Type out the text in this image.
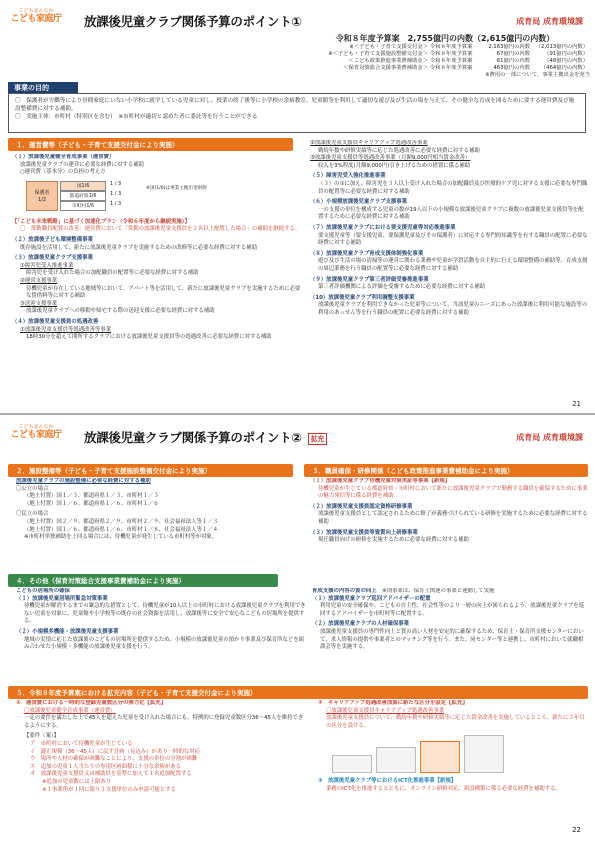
こどもまんなか
こども家庭庁 放課後児童クラブ関係予算のポイント①	成育局 成育環境課
令和８年度予算案　2,755億円の内数（2,615億円の内数）
※＜子ども・子育て支援交付金＞ 令和８年度予算案	2,163億円の内数	（2,013億円の内数）
※＜子ども・子育て支援施設整備交付金＞ 令和８年度予算案	67億円の内数	（91億円の内数）
＜こども政策推進事業費補助金＞ 令和８年度予算案	61億円の内数	（48億円の内数）
＜保育対策総合支援事業費補助金＞ 令和８年度予算案	463億円の内数	（464億円の内数）
※費用の一部について、事業主拠出金を充当
事業の目的
〇　保護者が労働等により昼間家庭にいない小学校に就学している児童に対し、授業の終了後等に小学校の余裕教室、児童館等を利用して適切な遊び及び生活の場を与えて、その健全な育成を図るために要する運営費及び施設整備費に対する補助。
〇　実施主体：市町村（特別区を含む）　※市町村が適切と認めた者に委託等を行うことができる
１．運営費等（子ども・子育て支援交付金により実施）
（１）放課後児童健全育成事業（運営費）
放課後児童クラブの運営に必要な経費に対する補助
○運営費（基本分）の負担の考え方
保護者
1/2
国1/6
都道府県1/6
市町村1/6
1 / 3
1 / 3
1 / 3
※国(1/6)は事業主拠出金財源
【「こども未来戦略」に基づく加速化プラン（令和６年度から継続実施）】
〇　常勤職員配置の改善：運営費において「常勤の放課後児童支援員を２名以上配置した場合」の補助を継続する。
（２）放課後子ども環境整備事業
既存施設を活用して、新たに放課後児童クラブを実施するための改修等に必要な経費に対する補助
（３）放課後児童クラブ支援事業
①障害児受入推進事業
障害児を受け入れた場合の加配職員の配置等に必要な経費に対する補助
②運営支援事業
待機児童が存在している地域等において、アパート等を活用して、新たに放課後児童クラブを実施するために必要な賃借料等に対する補助
③送迎支援事業
放課後児童クラブへの移動や帰宅する際の送迎支援に必要な経費に対する補助
（４）放課後児童支援員の処遇改善
①放課後児童支援員等処遇改善等事業
18時30分を超えて開所するクラブにおける放課後児童支援員等の処遇改善に必要な経費に対する補助
②放課後児童支援員キャリアアップ処遇改善事業
勤続年数や研修実績等に応じた処遇改善に必要な経費に対する補助
③放課後児童支援員等処遇改善事業（月額9,000円相当賃金改善）
収入を3%程度(月額9,000円)引き上げるための措置に係る補助
（５）障害児受入強化推進事業
（３）の①に加え、障害児を３人以上受け入れた場合の加配職員及び医療的ケア児に対する支援に必要な専門職員の配置等に必要な経費に対する補助
（６）小規模放課後児童クラブ支援事業
一の支援の単位を構成する児童の数が19人以下の小規模な放課後児童クラブに複数の放課後児童支援員等を配置するために必要な経費に対する補助
（７）放課後児童クラブにおける要支援児童等対応推進事業
要支援児童等（要支援児童、要保護児童及びその保護者）に対応する専門的知識等を有する職員の配置に必要な経費に対する補助
（８）放課後児童クラブ育成支援体制強化事業
遊び及び生活の場の清掃等の運営に関わる業務や児童が学習活動を自主的に行える環境整備の補助等、育成支援の周辺業務を行う職員の配置等に必要な経費に対する補助
（９）放課後児童クラブ第三者評価受審推進事業
第三者評価機関による評価を受審するために必要な経費に対する補助
（10）放課後児童クラブ利用調整支援事業
放課後児童クラブを利用できなかった児童等について、当該児童のニーズにあった放課後に利用可能な施設等の利用のあっせん等を行う職員の配置に必要な経費に対する補助
21
こどもまんなか
こども家庭庁 放課後児童クラブ関係予算のポイント② 拡充	成育局 成育環境課
２．施設整備等（子ども・子育て支援施設整備交付金により実施）
放課後児童クラブの施設整備に必要な経費に対する補助
〇公立の場合
（地上付置）国１／３、都道府県１／３、市町村１／３
（地上付置）国１／６、都道府県１／６、市町村１／６
〇民立の場合
（地上付置）国２／９、都道府県２／９、市町村２／９、社会福祉法人等１／３
（地上付置）国１／６、都道府県１／６、市町村１／８、社会福祉法人等１／４
※市町村単独補助を上回る場合には、待機児童が発生している市町村等が対象。
３．職員確保・研修関係（こども政策推進事業費補助金により実施）
（１）放課後児童クラブ待機児童対策実証等事業【新規】
待機児童が生じている都道府県・市町村において新たに放課後児童クラブで勤務する職員を確保するために事業の魅力発信等に係る経費を補助
（２）放課後児童支援員認定資格研修事業
放課後児童支援員として認定されるために修了が義務づけられている研修を実施するために必要な経費に対する補助
（３）放課後児童支援員等資質向上研修事業
現任職員向けの研修を実施するために必要な経費に対する補助
４．その他（保育対策総合支援事業費補助金により実施）
こどもの居場所の確保
（１）放課後児童居場所緊急対策事業
待機児童が解消するまでの緊急的な措置として、待機児童が10人以上の市町村における放課後児童クラブを利用できない児童を対象に、児童館や小学校等の既存の社会資源を活用し、放課後等に安全で安心なこどもの居場所を提供する。
（２）小規模多機能・放課後児童支援事業
地域の実情に応じた放課後のこどもの居場所を提供するため、小規模の放課後児童の預かり事業及び保育所などを組み合わせた小規模・多機能の放課後児童支援を行う。
育成支援の内容の質の向上　 ※則事業は、保育士関連の事業と連動して実施
（１）放課後児童クラブ巡回アドバイザーの配置
利用児童の安全確保や、こどもの自主性、社会性等のより一層の向上が図られるよう、放課後児童クラブを巡回するアドバイザーを市町村等に配置する。
（２）放課後児童クラブの人材確保事業
放課後児童支援員の専門性向上と質の高い人材を安定的に確保するため、保育士・保育所支援センターにおいて、求人情報の提供や事業者とのマッチング等を行う。また、同センター等と連携し、市町村において就職相談会等を実施する。
５．令和８年度予算案における拡充内容（子ども・子育て支援交付金により実施）
①　運営費における一時的な登録児童数区分の弾力化【拡充】
〇放課後児童健全育成事業（運営費）
一定の要件を満たした上で45人を超えた児童を受け入れた場合にも、特例的に登録児童数区分36～45人を維持できるようにする。
【要件（案）】
ア　市町村において待機児童が生じている
イ　適正規模（36～45人）に戻す計画（見込み）があり一時的な対応
ウ　場所や人材の確保が困難なことにより、支援の単位の分割が困難
エ　追加の児童１人当たりの専用区画面積に十分な余裕がある
オ　放課後児童支援員又は補助員を基準に加えて１名追加配置する
※追加の児童数には上限あり
※１事業所が１回に限り１支援単位のみ申請可能とする
②　キャリアアップ処遇改善加算に新たな区分を設定【拡充】
〇放課後児童支援員キャリアアップ処遇改善事業
放課後児童支援員について、勤続年数や研修実績等に応じた賃金改善を実施しているところ、新たに３年目の区分を設ける。
③　放課後児童クラブ等におけるICT化推進事業【新規】
業務のICT化を推進するとともに、オンライン研修対応、新設構築に係る必要な経費を補助する。
22
